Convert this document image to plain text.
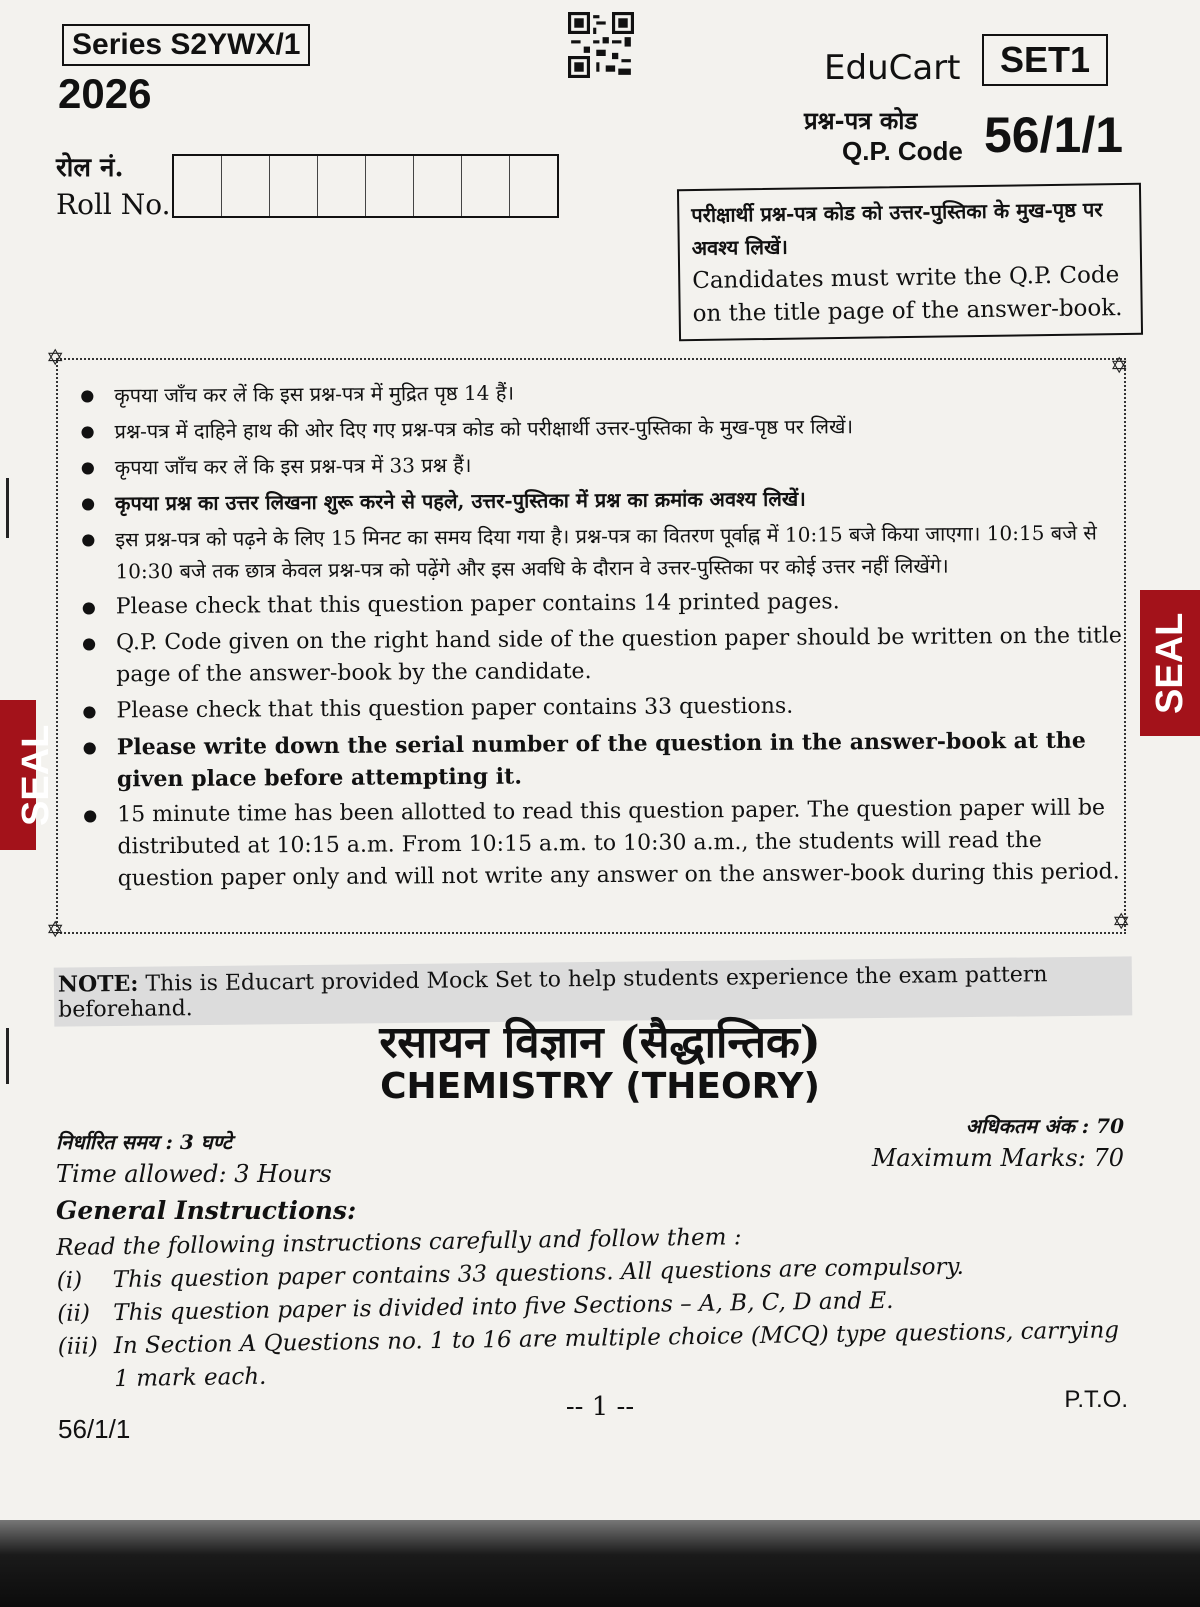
Series S2YWX/1
2026
रोल नं.
Roll No.
EduCart	SET1
प्रश्न-पत्र कोड
Q.P. Code 56/1/1
परीक्षार्थी प्रश्न-पत्र कोड को उत्तर-पुस्तिका के मुख-पृष्ठ पर अवश्य लिखें।
Candidates must write the Q.P. Code on the title page of the answer-book.
✡	✡
✡	✡
● कृपया जाँच कर लें कि इस प्रश्न-पत्र में मुद्रित पृष्ठ 14 हैं।
● प्रश्न-पत्र में दाहिने हाथ की ओर दिए गए प्रश्न-पत्र कोड को परीक्षार्थी उत्तर-पुस्तिका के मुख-पृष्ठ पर लिखें।
● कृपया जाँच कर लें कि इस प्रश्न-पत्र में 33 प्रश्न हैं।
● कृपया प्रश्न का उत्तर लिखना शुरू करने से पहले, उत्तर-पुस्तिका में प्रश्न का क्रमांक अवश्य लिखें।
● इस प्रश्न-पत्र को पढ़ने के लिए 15 मिनट का समय दिया गया है। प्रश्न-पत्र का वितरण पूर्वाह्न में 10:15 बजे किया जाएगा। 10:15 बजे से 10:30 बजे तक छात्र केवल प्रश्न-पत्र को पढ़ेंगे और इस अवधि के दौरान वे उत्तर-पुस्तिका पर कोई उत्तर नहीं लिखेंगे।
● Please check that this question paper contains 14 printed pages.
● Q.P. Code given on the right hand side of the question paper should be written on the title page of the answer-book by the candidate.
● Please check that this question paper contains 33 questions.
● Please write down the serial number of the question in the answer-book at the given place before attempting it.
● 15 minute time has been allotted to read this question paper. The question paper will be distributed at 10:15 a.m. From 10:15 a.m. to 10:30 a.m., the students will read the question paper only and will not write any answer on the answer-book during this period.
NOTE: This is Educart provided Mock Set to help students experience the exam pattern beforehand.
रसायन विज्ञान (सैद्धान्तिक)
CHEMISTRY (THEORY)
निर्धारित समय : 3 घण्टे
Time allowed: 3 Hours
अधिकतम अंक : 70
Maximum Marks: 70
General Instructions:
Read the following instructions carefully and follow them :
(i)	This question paper contains 33 questions. All questions are compulsory.
(ii) This question paper is divided into five Sections – A, B, C, D and E.
(iii) In Section A Questions no. 1 to 16 are multiple choice (MCQ) type questions, carrying
1 mark each.
-- 1 --	P.T.O.
56/1/1
SEAL
SEAL
